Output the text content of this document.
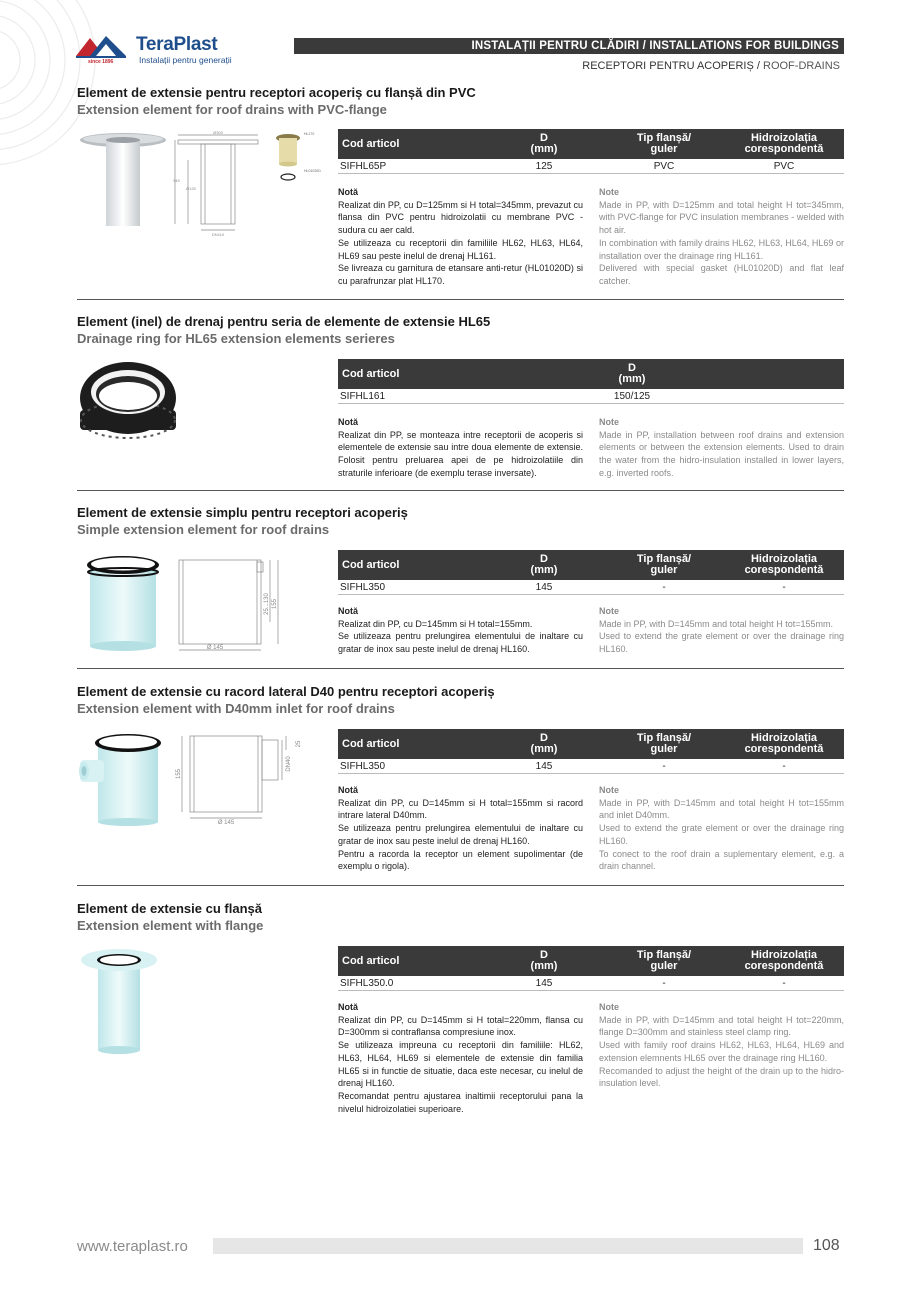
since 1896
TeraPlast
Instalații pentru generații
INSTALAȚII PENTRU CLĂDIRI / INSTALLATIONS FOR BUILDINGS
RECEPTORI PENTRU ACOPERIȘ / ROOF-DRAINS
Element de extensie pentru receptori acoperiș cu flanșă din PVC
Extension element for roof drains with PVC-flange
Ø300
345
Ø125
DN110
HL170
HL01020D
Cod articol	D
(mm)
Tip flanșă/
guler
Hidroizolația
corespondentă
SIFHL65P	125	PVC	PVC
Notă

Realizat din PP, cu D=125mm si H total=345mm, prevazut cu flansa din PVC pentru hidroizolatii cu membrane PVC - sudura cu aer cald.

Se utilizeaza cu receptorii din familiile HL62, HL63, HL64, HL69 sau peste inelul de drenaj HL161.

Se livreaza cu garnitura de etansare anti-retur (HL01020D) si cu parafrunzar plat HL170.

Note

Made in PP, with D=125mm and total height H tot=345mm, with PVC-flange for PVC insulation membranes - welded with hot air.

In combination with family drains HL62, HL63, HL64, HL69 or installation over the drainage ring HL161.

Delivered with special gasket (HL01020D) and flat leaf catcher.

Element (inel) de drenaj pentru seria de elemente de extensie HL65
Drainage ring for HL65 extension elements serieres
Cod articol	D
(mm)
SIFHL161	150/125
Notă

Realizat din PP, se monteaza intre receptorii de acoperis si elementele de extensie sau intre doua elemente de extensie. Folosit pentru preluarea apei de pe hidroizolatiile din straturile inferioare (de exemplu terase inversate).

Note

Made in PP, installation between roof drains and extension elements or between the extension elements. Used to drain the water from the hidro-insulation installed in lower layers, e.g. inverted roofs.

Element de extensie simplu pentru receptori acoperiș
Simple extension element for roof drains
25...130 155
Ø 145
Cod articol	D
(mm)
Tip flanșă/
guler
Hidroizolația
corespondentă
SIFHL350	145	-	-
Notă

Realizat din PP, cu D=145mm si H total=155mm.

Se utilizeaza pentru prelungirea elementului de inaltare cu gratar de inox sau peste inelul de drenaj HL160.

Note

Made in PP, with D=145mm and total height H tot=155mm.

Used to extend the grate element or over the drainage ring HL160.

Element de extensie cu racord lateral D40 pentru receptori acoperiș
Extension element with D40mm inlet for roof drains
155
DN40
25
Ø 145
Cod articol	D
(mm)
Tip flanșă/
guler
Hidroizolația
corespondentă
SIFHL350	145	-	-
Notă

Realizat din PP, cu D=145mm si H total=155mm si racord intrare lateral D40mm.

Se utilizeaza pentru prelungirea elementului de inaltare cu gratar de inox sau peste inelul de drenaj HL160.

Pentru a racorda la receptor un element supolimentar (de exemplu o rigola).

Note

Made in PP, with D=145mm and total height H tot=155mm and inlet D40mm.

Used to extend the grate element or over the drainage ring HL160.

To conect to the roof drain a suplementary element, e.g. a drain channel.

Element de extensie cu flanșă
Extension element with flange
Cod articol	D
(mm)
Tip flanșă/
guler
Hidroizolația
corespondentă
SIFHL350.0	145	-	-
Notă

Realizat din PP, cu D=145mm si H total=220mm, flansa cu D=300mm si contraflansa compresiune inox.

Se utilizeaza impreuna cu receptorii din familiile: HL62, HL63, HL64, HL69 si elementele de extensie din familia HL65 si in functie de situatie, daca este necesar, cu inelul de drenaj HL160.

Recomandat pentru ajustarea inaltimii receptorului pana la nivelul hidroizolatiei superioare.

Note

Made in PP, with D=145mm and total height H tot=220mm, flange D=300mm and stainless steel clamp ring.

Used with family roof drains HL62, HL63, HL64, HL69 and extension elemnents HL65 over the drainage ring HL160.

Recomanded to adjust the height of the drain up to the hidro-insulation level.

www.teraplast.ro	108
